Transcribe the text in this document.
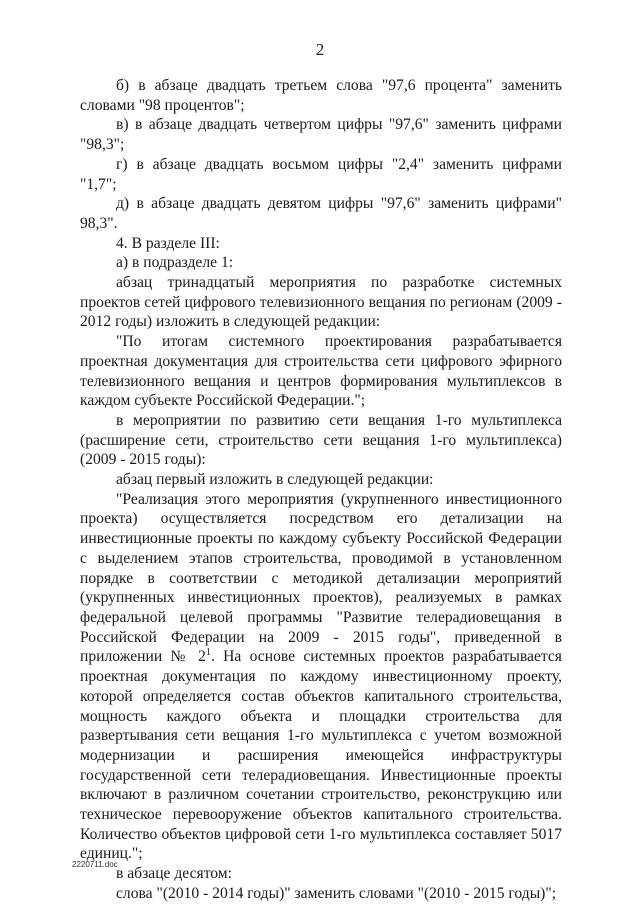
2

б) в абзаце двадцать третьем слова "97,6 процента" заменить словами "98 процентов";

в) в абзаце двадцать четвертом цифры "97,6" заменить цифрами "98,3";

г) в абзаце двадцать восьмом цифры "2,4" заменить цифрами "1,7";

д) в абзаце двадцать девятом цифры "97,6" заменить цифрами" 98,3".

4. В разделе III:

а) в подразделе 1:

абзац тринадцатый мероприятия по разработке системных проектов сетей цифрового телевизионного вещания по регионам (2009 - 2012 годы) изложить в следующей редакции:

"По итогам системного проектирования разрабатывается проектная документация для строительства сети цифрового эфирного телевизионного вещания и центров формирования мультиплексов в каждом субъекте Российской Федерации.";

в мероприятии по развитию сети вещания 1-го мультиплекса (расширение сети, строительство сети вещания 1-го мультиплекса) (2009 - 2015 годы):

абзац первый изложить в следующей редакции:

"Реализация этого мероприятия (укрупненного инвестиционного проекта) осуществляется посредством его детализации на инвестиционные проекты по каждому субъекту Российской Федерации с выделением этапов строительства, проводимой в установленном порядке в соответствии с методикой детализации мероприятий (укрупненных инвестиционных проектов), реализуемых в рамках федеральной целевой программы "Развитие телерадиовещания в Российской Федерации на 2009 - 2015 годы", приведенной в приложении № $2^1$. На основе системных проектов разрабатывается проектная документация по каждому инвестиционному проекту, которой определяется состав объектов капитального строительства, мощность каждого объекта и площадки строительства для развертывания сети вещания 1-го мультиплекса с учетом возможной модернизации и расширения имеющейся инфраструктуры государственной сети телерадиовещания. Инвестиционные проекты включают в различном сочетании строительство, реконструкцию или техническое перевооружение объектов капитального строительства. Количество объектов цифровой сети 1-го мультиплекса составляет 5017 единиц.";

в абзаце десятом:

слова "(2010 - 2014 годы)" заменить словами "(2010 - 2015 годы)";

2220711.doc
